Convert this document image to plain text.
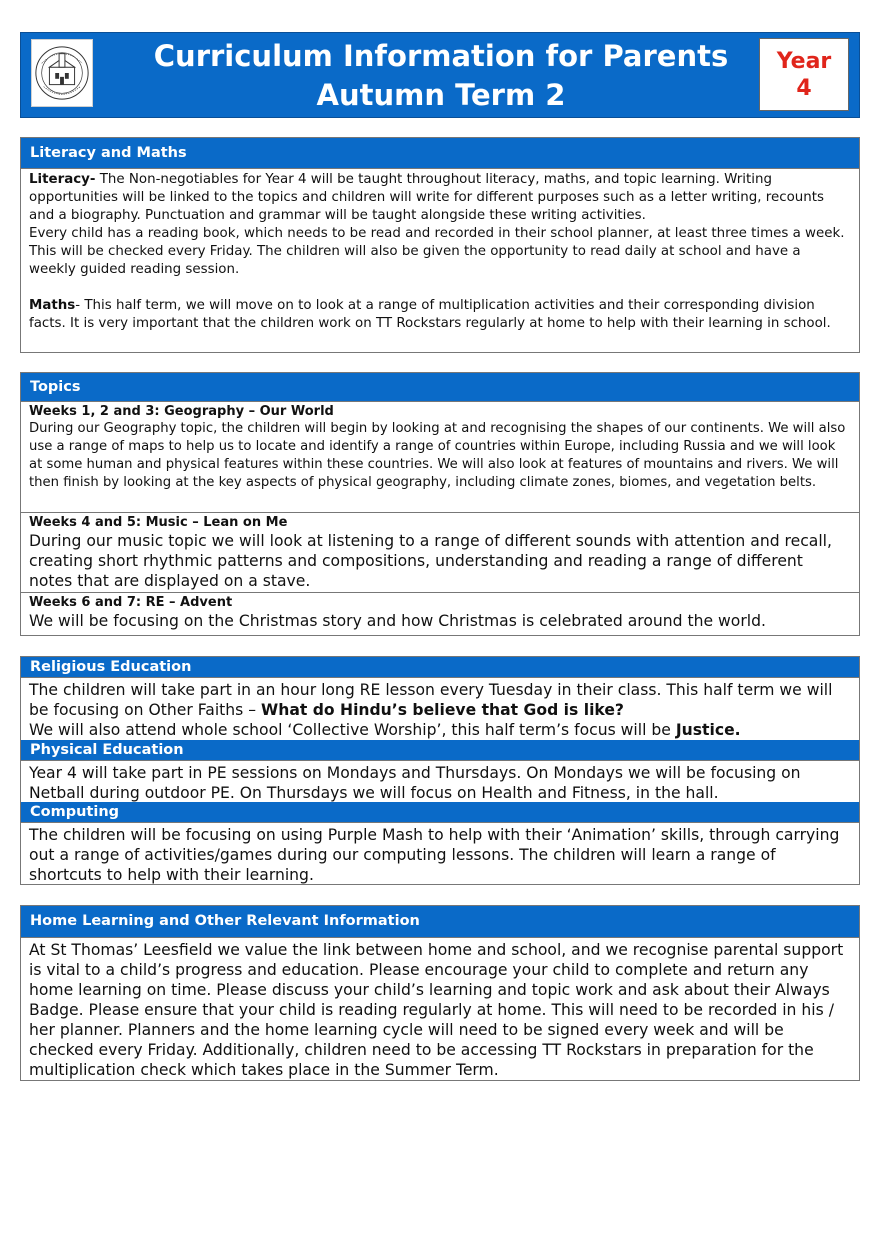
Curriculum Information for Parents
Autumn Term 2
Year
4
Literacy and Maths

Literacy- The Non-negotiables for Year 4 will be taught throughout literacy, maths, and topic learning. Writing opportunities will be linked to the topics and children will write for different purposes such as a letter writing, recounts and a biography. Punctuation and grammar will be taught alongside these writing activities.

Every child has a reading book, which needs to be read and recorded in their school planner, at least three times a week. This will be checked every Friday. The children will also be given the opportunity to read daily at school and have a weekly guided reading session.

Maths- This half term, we will move on to look at a range of multiplication activities and their corresponding division facts. It is very important that the children work on TT Rockstars regularly at home to help with their learning in school.

Topics
Weeks 1, 2 and 3: Geography – Our World
During our Geography topic, the children will begin by looking at and recognising the shapes of our continents. We will also use a range of maps to help us to locate and identify a range of countries within Europe, including Russia and we will look at some human and physical features within these countries. We will also look at features of mountains and rivers. We will then finish by looking at the key aspects of physical geography, including climate zones, biomes, and vegetation belts.
Weeks 4 and 5: Music – Lean on Me
During our music topic we will look at listening to a range of different sounds with attention and recall, creating short rhythmic patterns and compositions, understanding and reading a range of different notes that are displayed on a stave.
Weeks 6 and 7: RE – Advent
We will be focusing on the Christmas story and how Christmas is celebrated around the world.
Religious Education
The children will take part in an hour long RE lesson every Tuesday in their class. This half term we will be focusing on Other Faiths – What do Hindu’s believe that God is like?
We will also attend whole school ‘Collective Worship’, this half term’s focus will be Justice.
Physical Education
Year 4 will take part in PE sessions on Mondays and Thursdays. On Mondays we will be focusing on Netball during outdoor PE. On Thursdays we will focus on Health and Fitness, in the hall.
Computing
The children will be focusing on using Purple Mash to help with their ‘Animation’ skills, through carrying out a range of activities/games during our computing lessons. The children will learn a range of shortcuts to help with their learning.
Home Learning and Other Relevant Information
At St Thomas’ Leesfield we value the link between home and school, and we recognise parental support is vital to a child’s progress and education. Please encourage your child to complete and return any home learning on time. Please discuss your child’s learning and topic work and ask about their Always Badge. Please ensure that your child is reading regularly at home. This will need to be recorded in his / her planner. Planners and the home learning cycle will need to be signed every week and will be checked every Friday. Additionally, children need to be accessing TT Rockstars in preparation for the multiplication check which takes place in the Summer Term.
